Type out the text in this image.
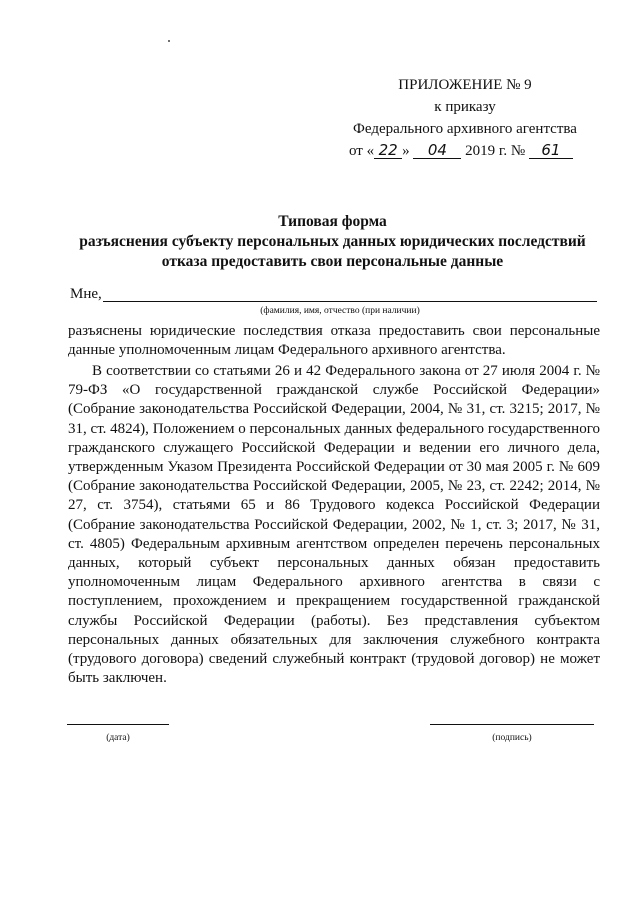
ПРИЛОЖЕНИЕ № 9
к приказу
Федерального архивного агентства
от « 22 » 04 2019 г. № 61
Типовая форма
разъяснения субъекту персональных данных юридических последствий
отказа предоставить свои персональные данные
Мне,
(фамилия, имя, отчество (при наличии)
разъяснены юридические последствия отказа предоставить свои персональные данные уполномоченным лицам Федерального архивного агентства.
В соответствии со статьями 26 и 42 Федерального закона от 27 июля 2004 г. № 79-ФЗ «О государственной гражданской службе Российской Федерации» (Собрание законодательства Российской Федерации, 2004, № 31, ст. 3215; 2017, № 31, ст. 4824), Положением о персональных данных федерального государственного гражданского служащего Российской Федерации и ведении его личного дела, утвержденным Указом Президента Российской Федерации от 30 мая 2005 г. № 609 (Собрание законодательства Российской Федерации, 2005, № 23, ст. 2242; 2014, № 27, ст. 3754), статьями 65 и 86 Трудового кодекса Российской Федерации (Собрание законодательства Российской Федерации, 2002, № 1, ст. 3; 2017, № 31, ст. 4805) Федеральным архивным агентством определен перечень персональных данных, который субъект персональных данных обязан предоставить уполномоченным лицам Федерального архивного агентства в связи с поступлением, прохождением и прекращением государственной гражданской службы Российской Федерации (работы). Без представления субъектом персональных данных обязательных для заключения служебного контракта (трудового договора) сведений служебный контракт (трудовой договор) не может быть заключен.
(дата)	(подпись)
